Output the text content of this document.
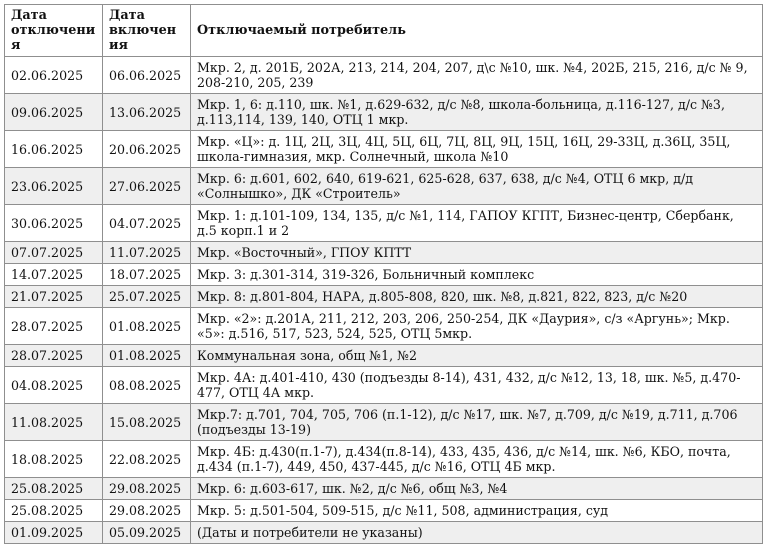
Дата отключения	Дата включения	Отключаемый потребитель
02.06.2025	06.06.2025	Мкр. 2, д. 201Б, 202А, 213, 214, 204, 207, д\с №10, шк. №4, 202Б, 215, 216, д/с № 9, 208-210, 205, 239
09.06.2025	13.06.2025	Мкр. 1, 6: д.110, шк. №1, д.629-632, д/с №8, школа-больница, д.116-127, д/с №3, д.113,114, 139, 140, ОТЦ 1 мкр.
16.06.2025	20.06.2025	Мкр. «Ц»: д. 1Ц, 2Ц, 3Ц, 4Ц, 5Ц, 6Ц, 7Ц, 8Ц, 9Ц, 15Ц, 16Ц, 29-33Ц, д.36Ц, 35Ц, школа-гимназия, мкр. Солнечный, школа №10
23.06.2025	27.06.2025	Мкр. 6: д.601, 602, 640, 619-621, 625-628, 637, 638, д/с №4, ОТЦ 6 мкр, д/д «Солнышко», ДК «Строитель»
30.06.2025	04.07.2025	Мкр. 1: д.101-109, 134, 135, д/с №1, 114, ГАПОУ КГПТ, Бизнес-центр, Сбербанк, д.5 корп.1 и 2
07.07.2025	11.07.2025	Мкр. «Восточный», ГПОУ КПТТ
14.07.2025	18.07.2025	Мкр. 3: д.301-314, 319-326, Больничный комплекс
21.07.2025	25.07.2025	Мкр. 8: д.801-804, НАРА, д.805-808, 820, шк. №8, д.821, 822, 823, д/с №20
28.07.2025	01.08.2025	Мкр. «2»: д.201А, 211, 212, 203, 206, 250-254, ДК «Даурия», с/з «Аргунь»; Мкр. «5»: д.516, 517, 523, 524, 525, ОТЦ 5мкр.
28.07.2025	01.08.2025	Коммунальная зона, общ №1, №2
04.08.2025	08.08.2025	Мкр. 4А: д.401-410, 430 (подъезды 8-14), 431, 432, д/с №12, 13, 18, шк. №5, д.470-477, ОТЦ 4А мкр.
11.08.2025	15.08.2025	Мкр.7: д.701, 704, 705, 706 (п.1-12), д/с №17, шк. №7, д.709, д/с №19, д.711, д.706 (подъезды 13-19)
18.08.2025	22.08.2025	Мкр. 4Б: д.430(п.1-7), д.434(п.8-14), 433, 435, 436, д/с №14, шк. №6, КБО, почта, д.434 (п.1-7), 449, 450, 437-445, д/с №16, ОТЦ 4Б мкр.
25.08.2025	29.08.2025	Мкр. 6: д.603-617, шк. №2, д/с №6, общ №3, №4
25.08.2025	29.08.2025	Мкр. 5: д.501-504, 509-515, д/с №11, 508, администрация, суд
01.09.2025	05.09.2025	(Даты и потребители не указаны)
